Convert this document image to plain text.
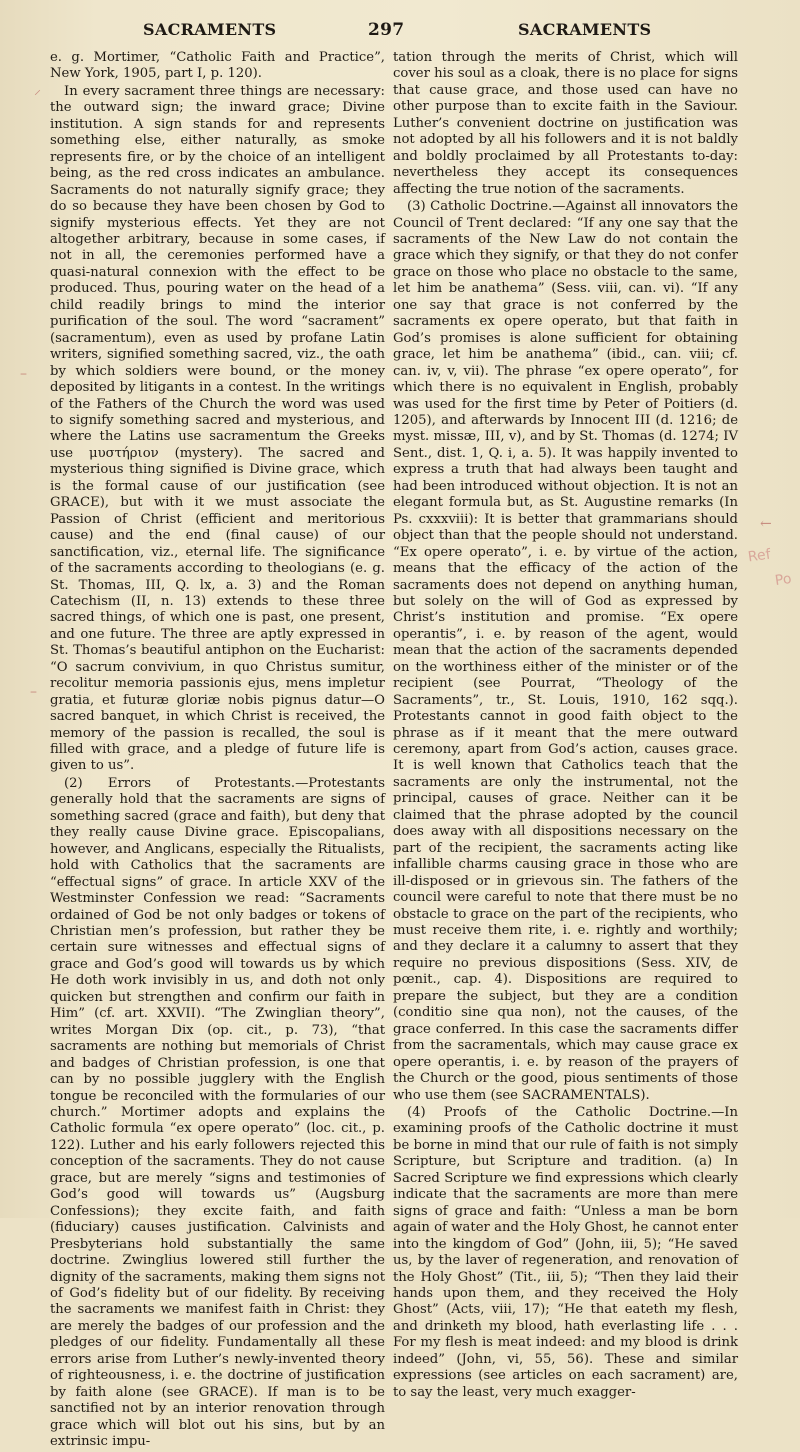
SACRAMENTS	297	SACRAMENTS

e. g. Mortimer, “Catholic Faith and Practice”, New York, 1905, part I, p. 120).

In every sacrament three things are necessary: the outward sign; the inward grace; Divine institution. A sign stands for and represents something else, either naturally, as smoke represents fire, or by the choice of an intelligent being, as the red cross indicates an ambulance. Sacraments do not naturally signify grace; they do so because they have been chosen by God to signify mysterious effects. Yet they are not altogether arbitrary, because in some cases, if not in all, the ceremonies performed have a quasi-natural connexion with the effect to be produced. Thus, pouring water on the head of a child readily brings to mind the interior purification of the soul. The word “sacrament” (sacramentum), even as used by profane Latin writers, signified something sacred, viz., the oath by which soldiers were bound, or the money deposited by litigants in a contest. In the writings of the Fathers of the Church the word was used to signify something sacred and mysterious, and where the Latins use sacramentum the Greeks use μυστήριον (mystery). The sacred and mysterious thing signified is Divine grace, which is the formal cause of our justification (see GRACE), but with it we must associate the Passion of Christ (efficient and meritorious cause) and the end (final cause) of our sanctification, viz., eternal life. The significance of the sacraments according to theologians (e. g. St. Thomas, III, Q. lx, a. 3) and the Roman Catechism (II, n. 13) extends to these three sacred things, of which one is past, one present, and one future. The three are aptly expressed in St. Thomas’s beautiful antiphon on the Eucharist: “O sacrum convivium, in quo Christus sumitur, recolitur memoria passionis ejus, mens impletur gratia, et futuræ gloriæ nobis pignus datur—O sacred banquet, in which Christ is received, the memory of the passion is recalled, the soul is filled with grace, and a pledge of future life is given to us”.

(2) Errors of Protestants.—Protestants generally hold that the sacraments are signs of something sacred (grace and faith), but deny that they really cause Divine grace. Episcopalians, however, and Anglicans, especially the Ritualists, hold with Catholics that the sacraments are “effectual signs” of grace. In article XXV of the Westminster Confession we read: “Sacraments ordained of God be not only badges or tokens of Christian men’s profession, but rather they be certain sure witnesses and effectual signs of grace and God’s good will towards us by which He doth work invisibly in us, and doth not only quicken but strengthen and confirm our faith in Him” (cf. art. XXVII). “The Zwinglian theory”, writes Morgan Dix (op. cit., p. 73), “that sacraments are nothing but memorials of Christ and badges of Christian profession, is one that can by no possible jugglery with the English tongue be reconciled with the formularies of our church.” Mortimer adopts and explains the Catholic formula “ex opere operato” (loc. cit., p. 122). Luther and his early followers rejected this conception of the sacraments. They do not cause grace, but are merely “signs and testimonies of God’s good will towards us” (Augsburg Confessions); they excite faith, and faith (fiduciary) causes justification. Calvinists and Presbyterians hold substantially the same doctrine. Zwinglius lowered still further the dignity of the sacraments, making them signs not of God’s fidelity but of our fidelity. By receiving the sacraments we manifest faith in Christ: they are merely the badges of our profession and the pledges of our fidelity. Fundamentally all these errors arise from Luther’s newly-invented theory of righteousness, i. e. the doctrine of justification by faith alone (see GRACE). If man is to be sanctified not by an interior renovation through grace which will blot out his sins, but by an extrinsic impu-

tation through the merits of Christ, which will cover his soul as a cloak, there is no place for signs that cause grace, and those used can have no other purpose than to excite faith in the Saviour. Luther’s convenient doctrine on justification was not adopted by all his followers and it is not baldly and boldly proclaimed by all Protestants to-day: nevertheless they accept its consequences affecting the true notion of the sacraments.

(3) Catholic Doctrine.—Against all innovators the Council of Trent declared: “If any one say that the sacraments of the New Law do not contain the grace which they signify, or that they do not confer grace on those who place no obstacle to the same, let him be anathema” (Sess. viii, can. vi). “If any one say that grace is not conferred by the sacraments ex opere operato, but that faith in God’s promises is alone sufficient for obtaining grace, let him be anathema” (ibid., can. viii; cf. can. iv, v, vii). The phrase “ex opere operato”, for which there is no equivalent in English, probably was used for the first time by Peter of Poitiers (d. 1205), and afterwards by Innocent III (d. 1216; de myst. missæ, III, v), and by St. Thomas (d. 1274; IV Sent., dist. 1, Q. i, a. 5). It was happily invented to express a truth that had always been taught and had been introduced without objection. It is not an elegant formula but, as St. Augustine remarks (In Ps. cxxxviii): It is better that grammarians should object than that the people should not understand. “Ex opere operato”, i. e. by virtue of the action, means that the efficacy of the action of the sacraments does not depend on anything human, but solely on the will of God as expressed by Christ’s institution and promise. “Ex opere operantis”, i. e. by reason of the agent, would mean that the action of the sacraments depended on the worthiness either of the minister or of the recipient (see Pourrat, “Theology of the Sacraments”, tr., St. Louis, 1910, 162 sqq.). Protestants cannot in good faith object to the phrase as if it meant that the mere outward ceremony, apart from God’s action, causes grace. It is well known that Catholics teach that the sacraments are only the instrumental, not the principal, causes of grace. Neither can it be claimed that the phrase adopted by the council does away with all dispositions necessary on the part of the recipient, the sacraments acting like infallible charms causing grace in those who are ill-disposed or in grievous sin. The fathers of the council were careful to note that there must be no obstacle to grace on the part of the recipients, who must receive them rite, i. e. rightly and worthily; and they declare it a calumny to assert that they require no previous dispositions (Sess. XIV, de pœnit., cap. 4). Dispositions are required to prepare the subject, but they are a condition (conditio sine qua non), not the causes, of the grace conferred. In this case the sacraments differ from the sacramentals, which may cause grace ex opere operantis, i. e. by reason of the prayers of the Church or the good, pious sentiments of those who use them (see SACRAMENTALS).

(4) Proofs of the Catholic Doctrine.—In examining proofs of the Catholic doctrine it must be borne in mind that our rule of faith is not simply Scripture, but Scripture and tradition. (a) In Sacred Scripture we find expressions which clearly indicate that the sacraments are more than mere signs of grace and faith: “Unless a man be born again of water and the Holy Ghost, he cannot enter into the kingdom of God” (John, iii, 5); “He saved us, by the laver of regeneration, and renovation of the Holy Ghost” (Tit., iii, 5); “Then they laid their hands upon them, and they received the Holy Ghost” (Acts, viii, 17); “He that eateth my flesh, and drinketh my blood, hath everlasting life . . . For my flesh is meat indeed: and my blood is drink indeed” (John, vi, 55, 56). These and similar expressions (see articles on each sacrament) are, to say the least, very much exagger-

Ref
Po
←
⸝
–
–
